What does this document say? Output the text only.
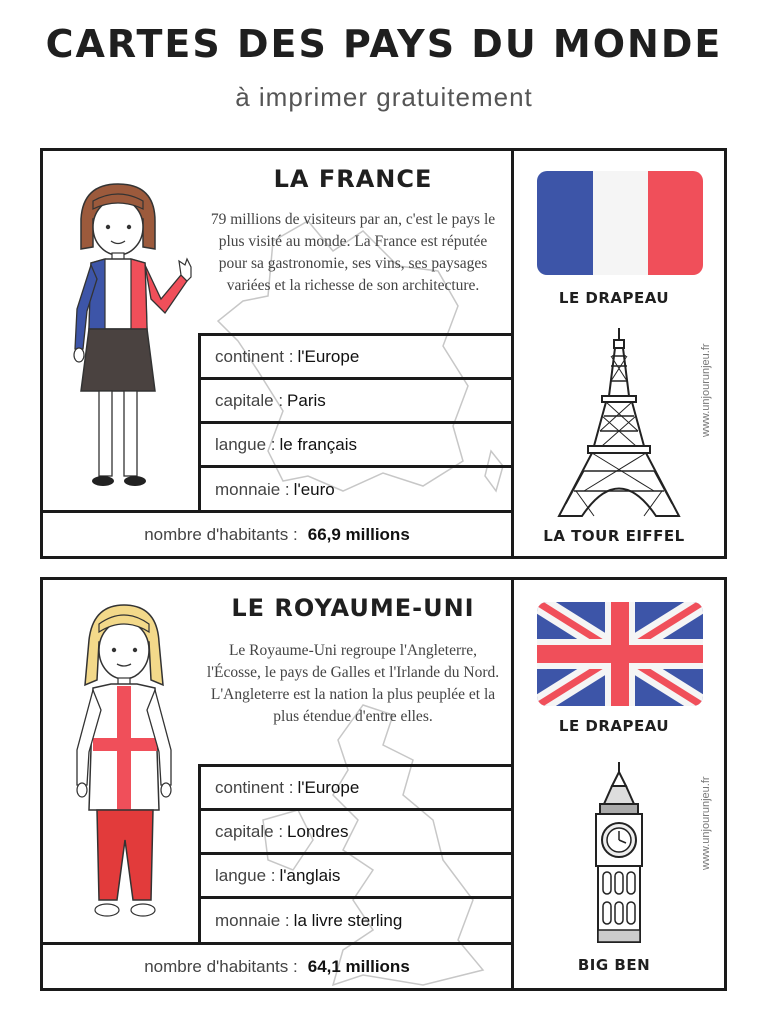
CARTES DES PAYS DU MONDE
à imprimer gratuitement
LA FRANCE
79 millions de visiteurs par an, c'est le pays le plus visité au monde. La France est réputée pour sa gastronomie, ses vins, ses paysages variées et la richesse de son architecture.
continent : l'Europe
capitale : Paris
langue : le français
monnaie : l'euro
nombre d'habitants : 66,9 millions
LE DRAPEAU
LA TOUR EIFFEL
www.unjourunjeu.fr
LE ROYAUME-UNI
Le Royaume-Uni regroupe l'Angleterre, l'Écosse, le pays de Galles et l'Irlande du Nord. L'Angleterre est la nation la plus peuplée et la plus étendue d'entre elles.
continent : l'Europe
capitale : Londres
langue : l'anglais
monnaie : la livre sterling
nombre d'habitants : 64,1 millions
LE DRAPEAU
BIG BEN
www.unjourunjeu.fr
